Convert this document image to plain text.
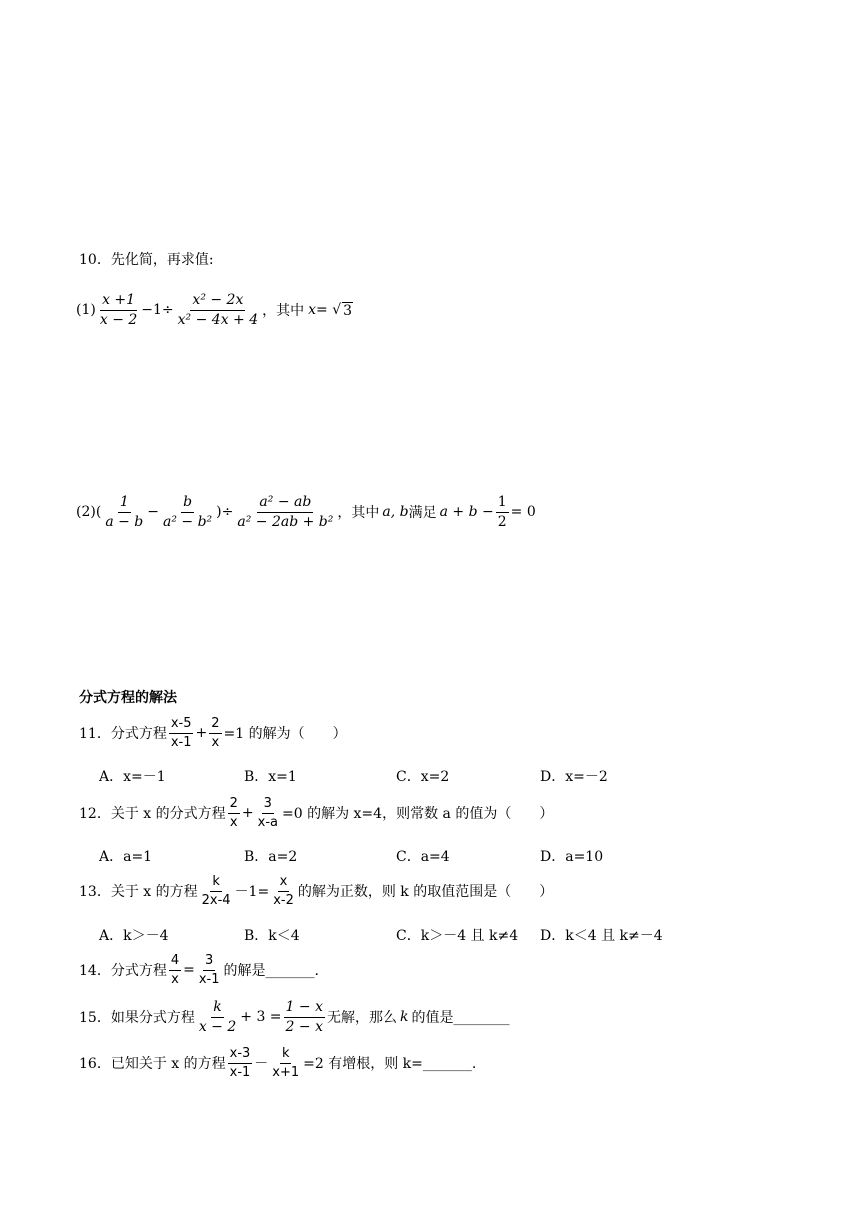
10．先化简，再求值:
$(1) \frac{x +1}{x - 2} -1\div \frac{\text{x² − 2x}}{\text{x² − 4x + 4}}$ ，其中 x = √ 3
(2) ( $\frac{1}{a - b} - \frac{b}{\text{a² − b²}}$ )÷ $\frac{\text{a² − ab}}{\text{a² − 2ab + b²}}$ ，其中 a, b 满足 $a + b - \frac{1}{2} = 0$
分式方程的解法
11．分式方程 $\frac{x-5}{x-1} + \frac{2}{x} =1$ 的解为（　　）
A．x=－1	B．x=1	C．x=2	D．x=－2
12．关于 x 的分式方程 $\frac{2}{x} + \frac{3}{x-a} =0$ 的解为 x=4，则常数 a 的值为（　　）
A．a=1	B．a=2	C．a=4	D．a=10
13．关于 x 的方程 $\frac{k}{2x-4} -1= \frac{x}{x-2}$ 的解为正数，则 k 的取值范围是（　　）
A．k＞－4	B．k＜4	C．k＞－4 且 k≠4 D．k＜4 且 k≠－4
14．分式方程 $\frac{4}{x} = \frac{3}{x-1}$ 的解是_______.
15．如果分式方程 $\frac{k}{x - 2} + 3 = \frac{1 - x}{2 - x}$ 无解，那么 k 的值是________
16．已知关于 x 的方程 $\frac{x-3}{x-1} - \frac{k}{x+1} =2$ 有增根，则 k=_______.
